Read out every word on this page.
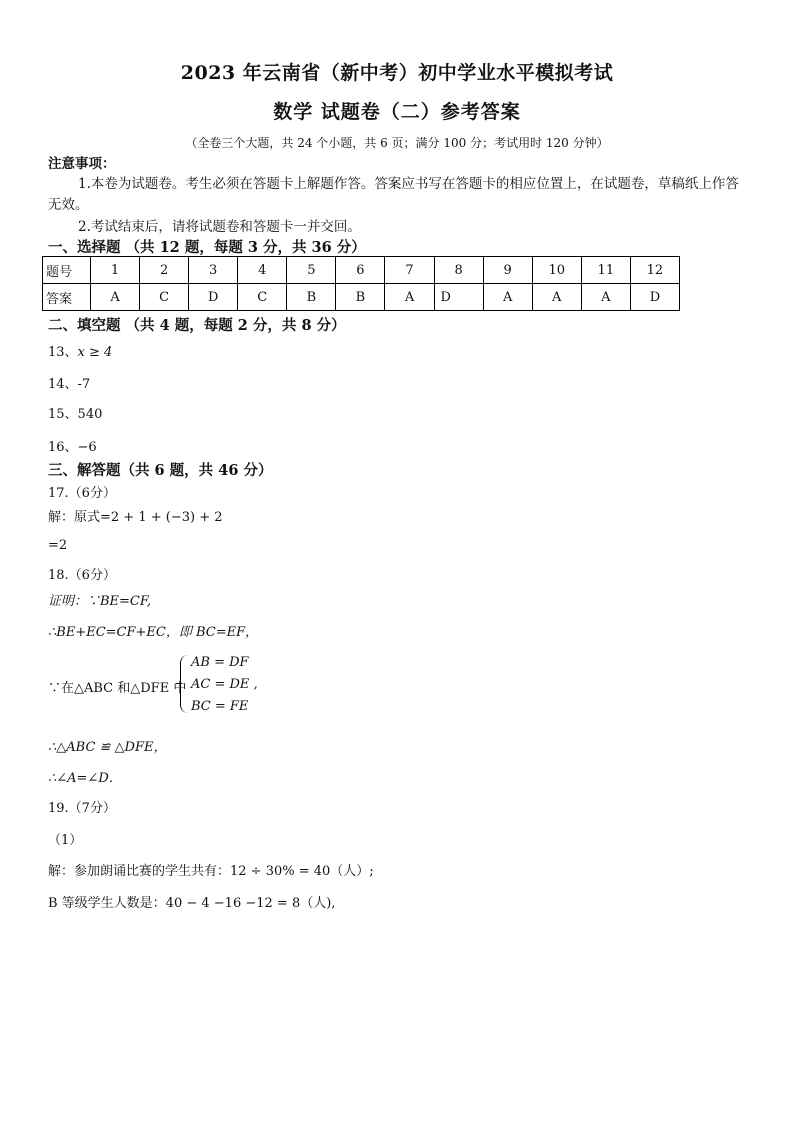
2023 年云南省（新中考）初中学业水平模拟考试
数学 试题卷（二）参考答案
（全卷三个大题，共 24 个小题，共 6 页；满分 100 分；考试用时 120 分钟）
注意事项：
1.本卷为试题卷。考生必须在答题卡上解题作答。答案应书写在答题卡的相应位置上，在试题卷，草稿纸上作答无效。
2.考试结束后，请将试题卷和答题卡一并交回。
一、选择题 （共 12 题，每题 3 分，共 36 分）
题号	1	2	3	4	5	6	7	8	9	10	11	12
答案	A	C	D	C	B	B	A	D	A	A	A	D
二、填空题 （共 4 题，每题 2 分，共 8 分）
13、x ≥ 4
14、-7
15、540
16、−6
三、解答题（共 6 题，共 46 分）
17.（6分）
解：原式=2 + 1 + (−3) + 2
=2
18.（6分）
证明：∵BE=CF,
∴BE+EC=CF+EC，即 BC=EF，
∵在△ABC 和△DFE 中
AB = DF
AC = DE ,
BC = FE
∴△ABC ≌ △DFE，
∴∠A=∠D．
19.（7分）
（1）
解：参加朗诵比赛的学生共有：12 ÷ 30% = 40（人）;
B 等级学生人数是：40 − 4 −16 −12 = 8（人),
